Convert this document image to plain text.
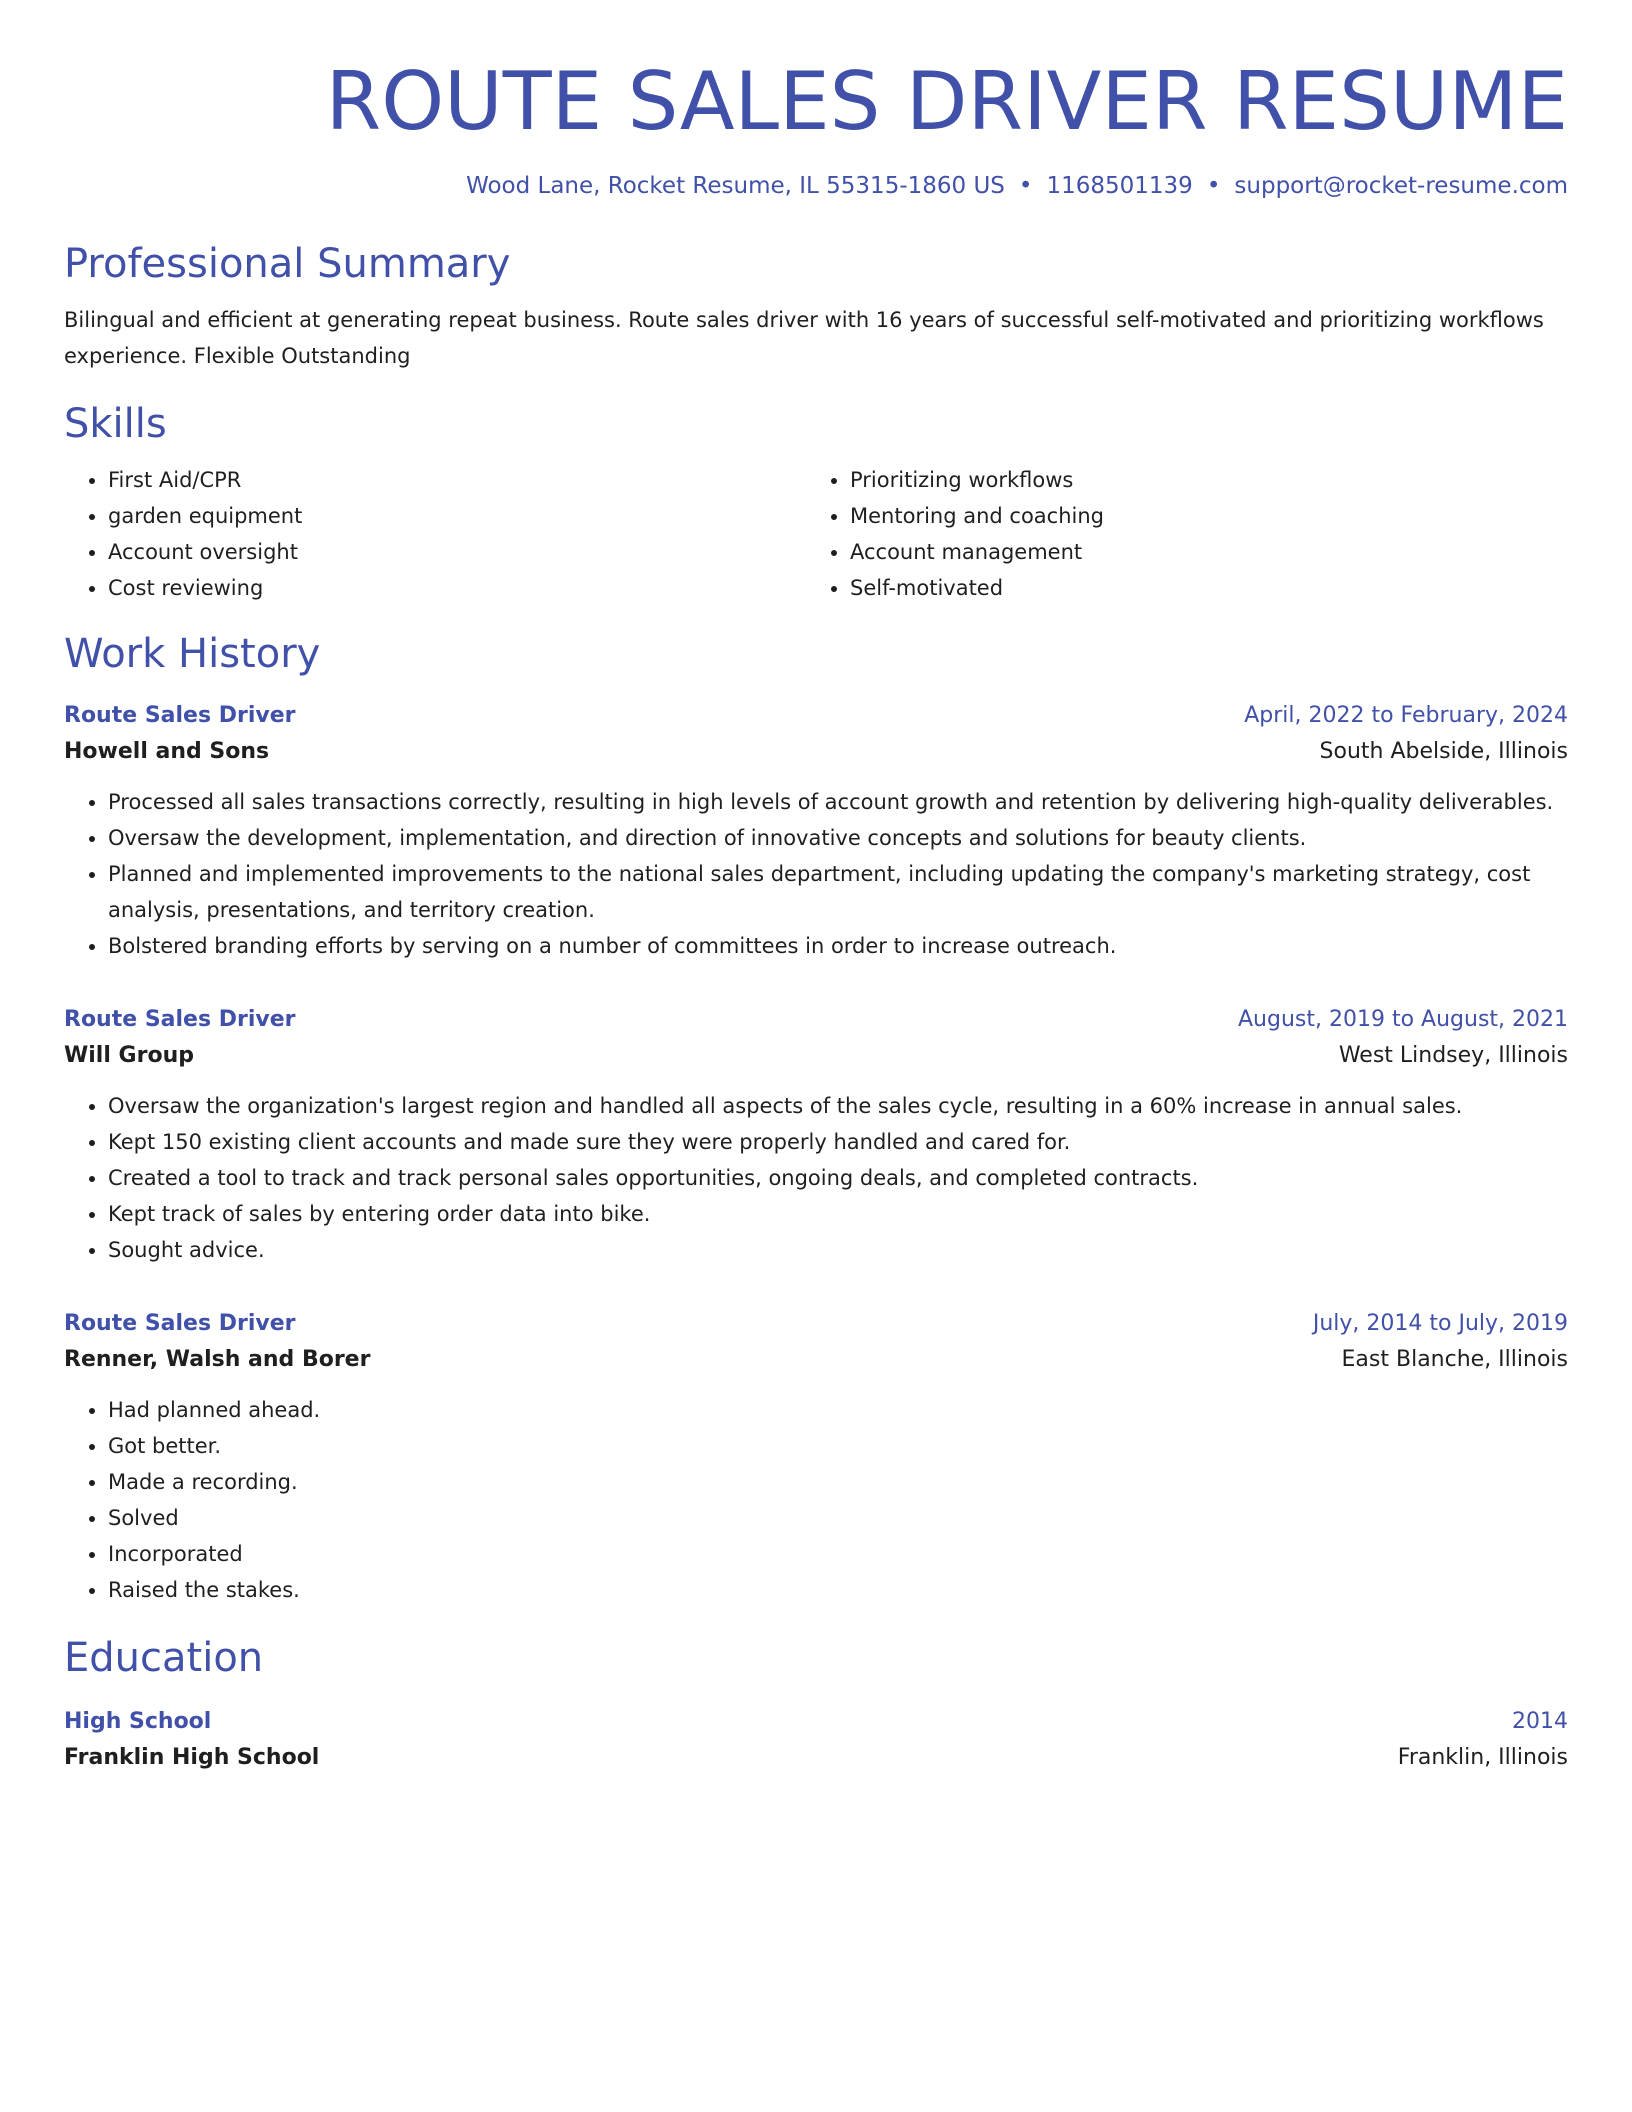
ROUTE SALES DRIVER RESUME
Wood Lane, Rocket Resume, IL 55315-1860 US • 1168501139 • support@rocket-resume.com
Professional Summary
Bilingual and efficient at generating repeat business. Route sales driver with 16 years of successful self-motivated and prioritizing workflows experience. Flexible Outstanding
Skills
• First Aid/CPR
• garden equipment
• Account oversight
• Cost reviewing
• Prioritizing workflows
• Mentoring and coaching
• Account management
• Self-motivated
Work History
Route Sales Driver	April, 2022 to February, 2024
Howell and Sons	South Abelside, Illinois
• Processed all sales transactions correctly, resulting in high levels of account growth and retention by delivering high-quality deliverables.
• Oversaw the development, implementation, and direction of innovative concepts and solutions for beauty clients.
• Planned and implemented improvements to the national sales department, including updating the company's marketing strategy, cost analysis, presentations, and territory creation.
• Bolstered branding efforts by serving on a number of committees in order to increase outreach.
Route Sales Driver	August, 2019 to August, 2021
Will Group	West Lindsey, Illinois
• Oversaw the organization's largest region and handled all aspects of the sales cycle, resulting in a 60% increase in annual sales.
• Kept 150 existing client accounts and made sure they were properly handled and cared for.
• Created a tool to track and track personal sales opportunities, ongoing deals, and completed contracts.
• Kept track of sales by entering order data into bike.
• Sought advice.
Route Sales Driver	July, 2014 to July, 2019
Renner, Walsh and Borer	East Blanche, Illinois
• Had planned ahead.
• Got better.
• Made a recording.
• Solved
• Incorporated
• Raised the stakes.
Education
High School	2014
Franklin High School	Franklin, Illinois
